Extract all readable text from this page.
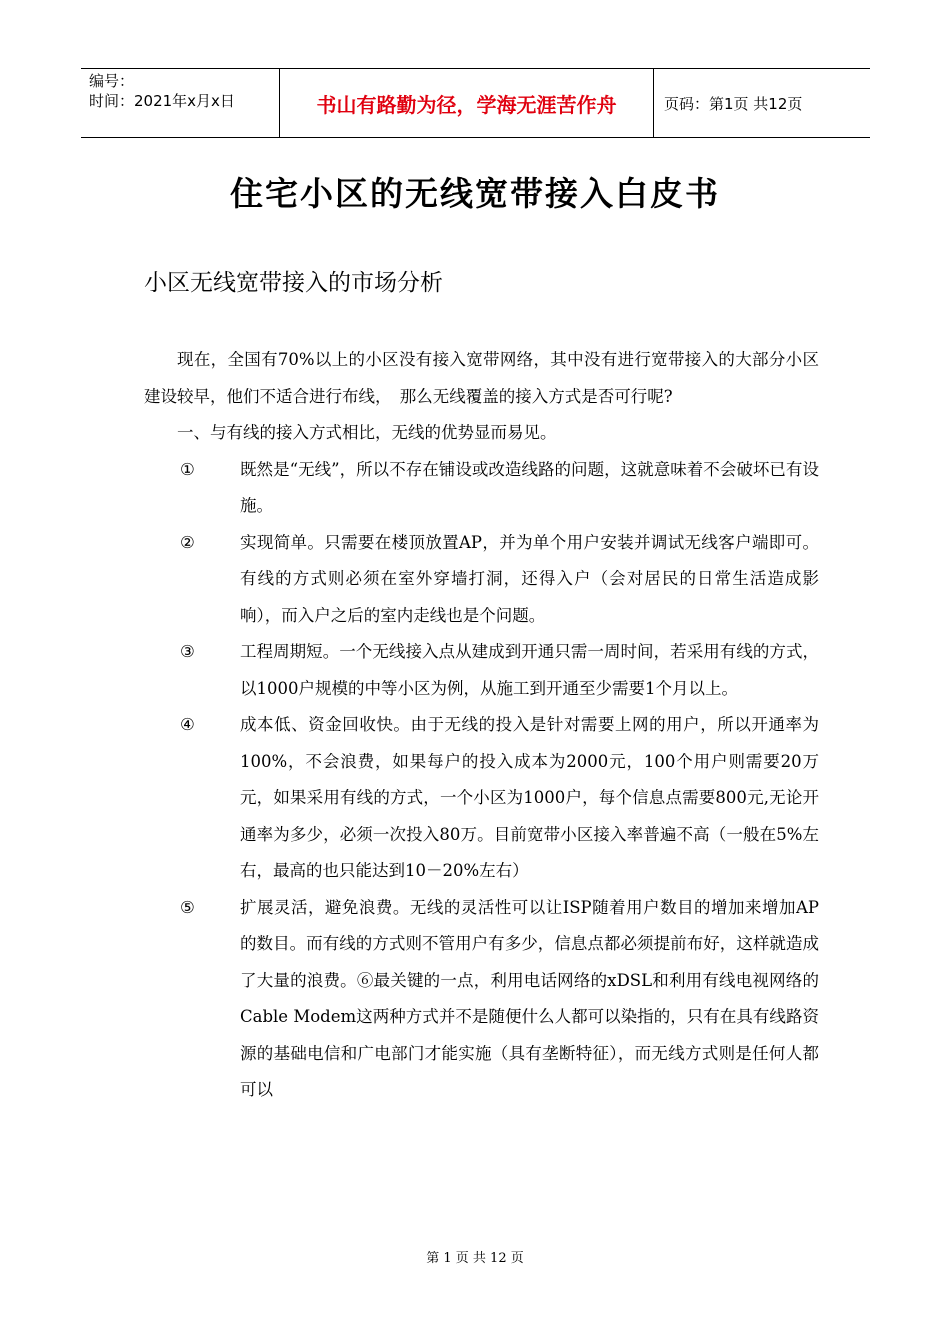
编号：
时间：2021年x月x日	书山有路勤为径，学海无涯苦作舟	页码：第1页 共12页
住宅小区的无线宽带接入白皮书
小区无线宽带接入的市场分析

现在，全国有70%以上的小区没有接入宽带网络，其中没有进行宽带接入的大部分小区建设较早，他们不适合进行布线，　那么无线覆盖的接入方式是否可行呢?

一、与有线的接入方式相比，无线的优势显而易见。

①	既然是“无线”，所以不存在铺设或改造线路的问题，这就意味着不会破坏已有设施。
②	实现简单。只需要在楼顶放置AP，并为单个用户安装并调试无线客户端即可。有线的方式则必须在室外穿墙打洞，还得入户（会对居民的日常生活造成影响），而入户之后的室内走线也是个问题。
③	工程周期短。一个无线接入点从建成到开通只需一周时间，若采用有线的方式，以1000户规模的中等小区为例，从施工到开通至少需要1个月以上。
④	成本低、资金回收快。由于无线的投入是针对需要上网的用户，所以开通率为100%，不会浪费，如果每户的投入成本为2000元，100个用户则需要20万元，如果采用有线的方式，一个小区为1000户，每个信息点需要800元,无论开通率为多少，必须一次投入80万。目前宽带小区接入率普遍不高（一般在5%左右，最高的也只能达到10－20%左右）
⑤	扩展灵活，避免浪费。无线的灵活性可以让ISP随着用户数目的增加来增加AP的数目。而有线的方式则不管用户有多少，信息点都必须提前布好，这样就造成了大量的浪费。⑥最关键的一点，利用电话网络的xDSL和利用有线电视网络的Cable Modem这两种方式并不是随便什么人都可以染指的，只有在具有线路资源的基础电信和广电部门才能实施（具有垄断特征），而无线方式则是任何人都可以
第 1 页 共 12 页
